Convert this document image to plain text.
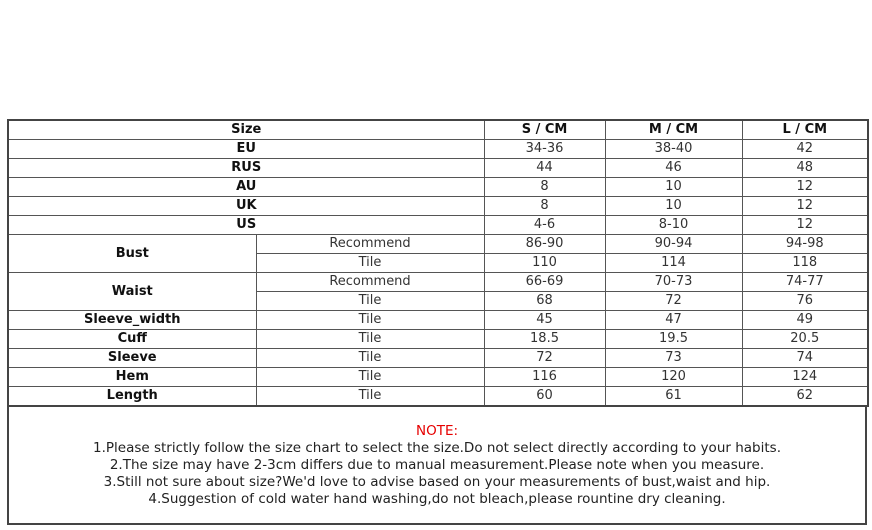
Size		S / CM	M / CM	L / CM
EU		34-36	38-40	42
RUS		44	46	48
AU		8	10	12
UK		8	10	12
US		4-6	8-10	12
Bust	Recommend	86-90	90-94	94-98
	Tile	110	114	118
Waist	Recommend	66-69	70-73	74-77
	Tile	68	72	76
Sleeve_width	Tile	45	47	49
Cuff	Tile	18.5	19.5	20.5
Sleeve	Tile	72	73	74
Hem	Tile	116	120	124
Length	Tile	60	61	62
NOTE:
1.Please strictly follow the size chart to select the size.Do not select directly according to your habits.
2.The size may have 2-3cm differs due to manual measurement.Please note when you measure.
3.Still not sure about size?We'd love to advise based on your measurements of bust,waist and hip.
4.Suggestion of cold water hand washing,do not bleach,please rountine dry cleaning.
